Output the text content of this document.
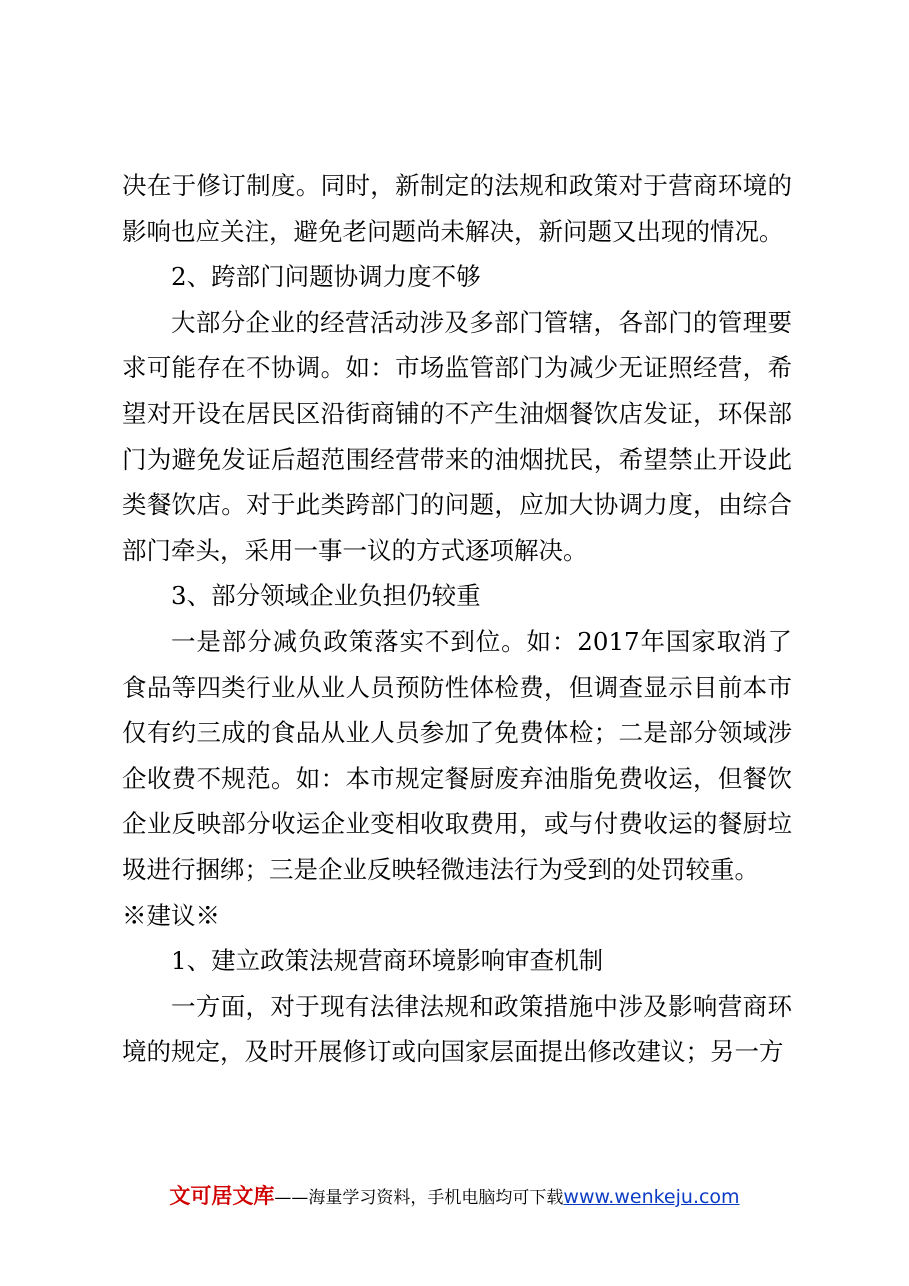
决在于修订制度。同时，新制定的法规和政策对于营商环境的影响也应关注，避免老问题尚未解决，新问题又出现的情况。

2、跨部门问题协调力度不够

大部分企业的经营活动涉及多部门管辖，各部门的管理要求可能存在不协调。如：市场监管部门为减少无证照经营，希望对开设在居民区沿街商铺的不产生油烟餐饮店发证，环保部门为避免发证后超范围经营带来的油烟扰民，希望禁止开设此类餐饮店。对于此类跨部门的问题，应加大协调力度，由综合部门牵头，采用一事一议的方式逐项解决。

3、部分领域企业负担仍较重

一是部分减负政策落实不到位。如：2017年国家取消了食品等四类行业从业人员预防性体检费，但调查显示目前本市仅有约三成的食品从业人员参加了免费体检；二是部分领域涉企收费不规范。如：本市规定餐厨废弃油脂免费收运，但餐饮企业反映部分收运企业变相收取费用，或与付费收运的餐厨垃圾进行捆绑；三是企业反映轻微违法行为受到的处罚较重。

※建议※

1、建立政策法规营商环境影响审查机制

一方面，对于现有法律法规和政策措施中涉及影响营商环境的规定，及时开展修订或向国家层面提出修改建议；另一方

文可居文库——海量学习资料，手机电脑均可下载www.wenkeju.com
